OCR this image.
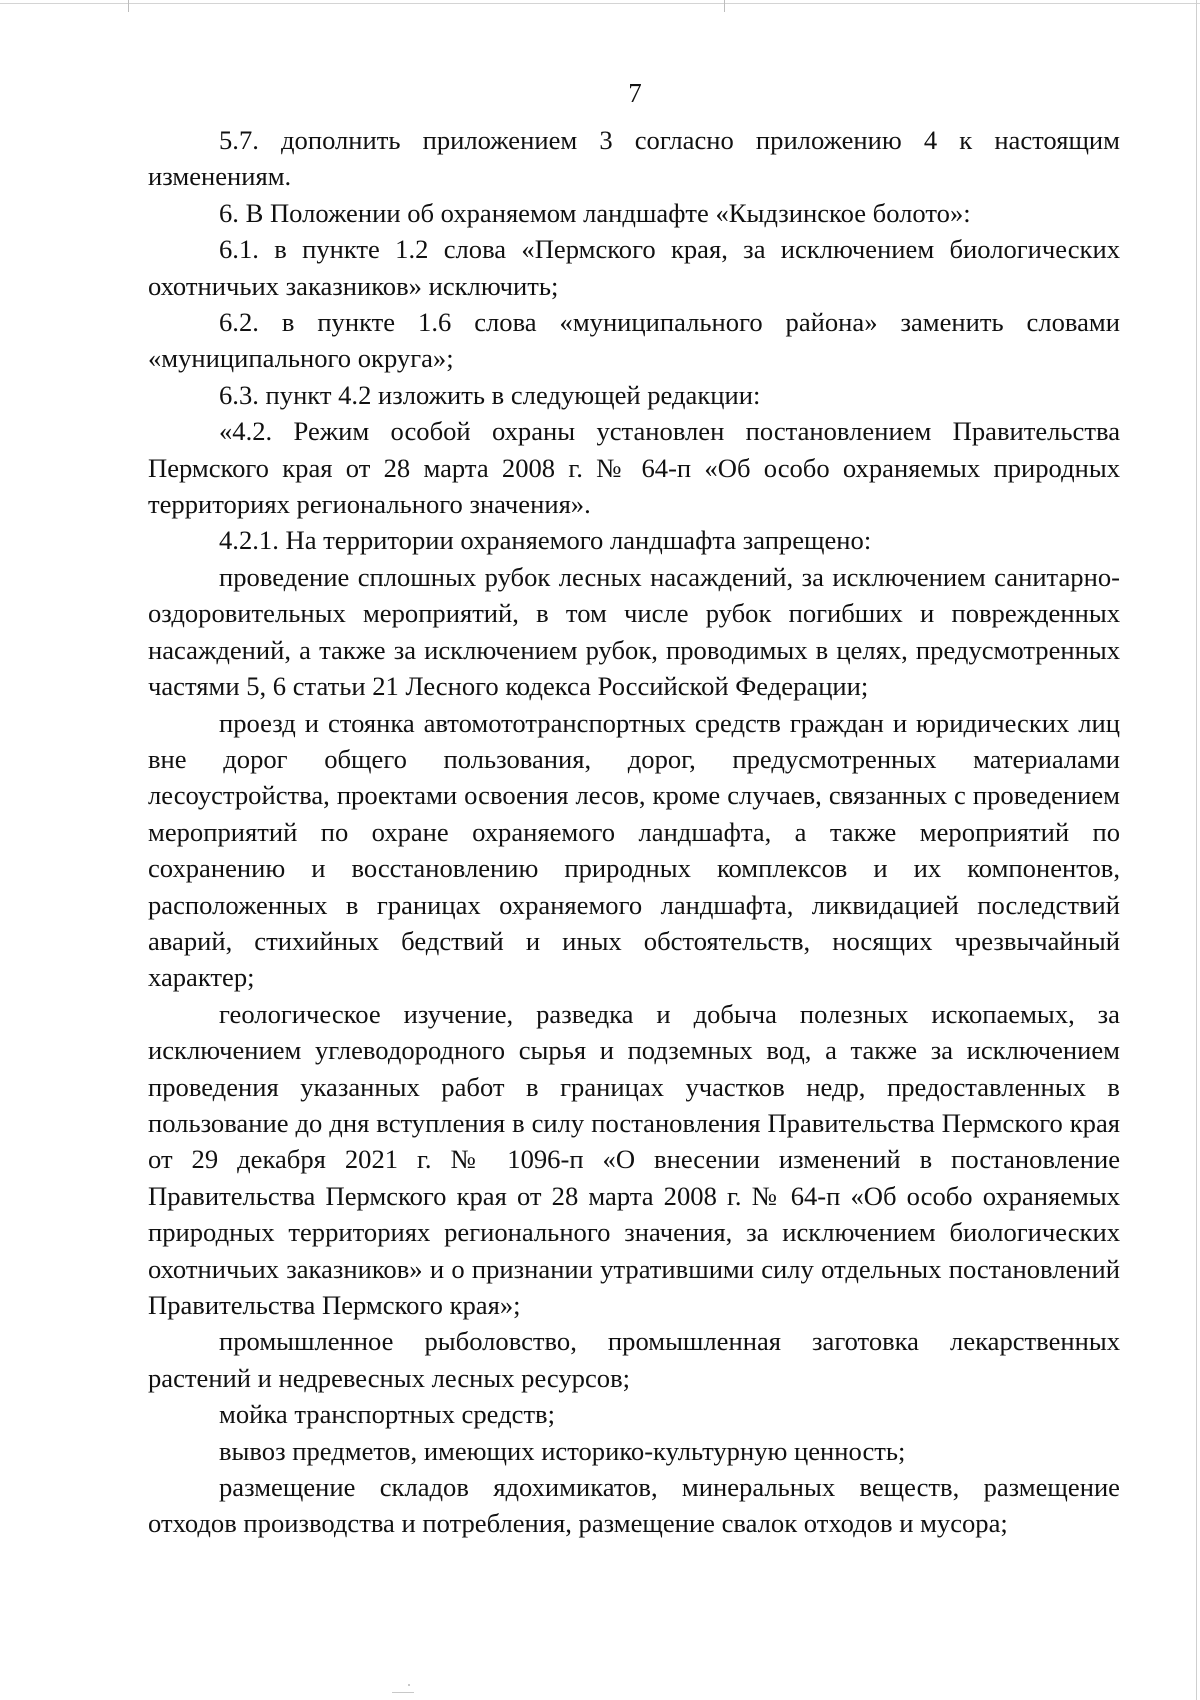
7

5.7. дополнить приложением 3 согласно приложению 4 к настоящим изменениям.

6. В Положении об охраняемом ландшафте «Кыдзинское болото»:

6.1. в пункте 1.2 слова «Пермского края, за исключением биологических охотничьих заказников» исключить;

6.2. в пункте 1.6 слова «муниципального района» заменить словами «муниципального округа»;

6.3. пункт 4.2 изложить в следующей редакции:

«4.2. Режим особой охраны установлен постановлением Правительства Пермского края от 28 марта 2008 г. № 64-п «Об особо охраняемых природных территориях регионального значения».

4.2.1. На территории охраняемого ландшафта запрещено:

проведение сплошных рубок лесных насаждений, за исключением санитарно-оздоровительных мероприятий, в том числе рубок погибших и поврежденных насаждений, а также за исключением рубок, проводимых в целях, предусмотренных частями 5, 6 статьи 21 Лесного кодекса Российской Федерации;

проезд и стоянка автомототранспортных средств граждан и юридических лиц вне дорог общего пользования, дорог, предусмотренных материалами лесоустройства, проектами освоения лесов, кроме случаев, связанных с проведением мероприятий по охране охраняемого ландшафта, а также мероприятий по сохранению и восстановлению природных комплексов и их компонентов, расположенных в границах охраняемого ландшафта, ликвидацией последствий аварий, стихийных бедствий и иных обстоятельств, носящих чрезвычайный характер;

геологическое изучение, разведка и добыча полезных ископаемых, за исключением углеводородного сырья и подземных вод, а также за исключением проведения указанных работ в границах участков недр, предоставленных в пользование до дня вступления в силу постановления Правительства Пермского края от 29 декабря 2021 г. № 1096-п «О внесении изменений в постановление Правительства Пермского края от 28 марта 2008 г. № 64-п «Об особо охраняемых природных территориях регионального значения, за исключением биологических охотничьих заказников» и о признании утратившими силу отдельных постановлений Правительства Пермского края»;

промышленное рыболовство, промышленная заготовка лекарственных растений и недревесных лесных ресурсов;

мойка транспортных средств;

вывоз предметов, имеющих историко-культурную ценность;

размещение складов ядохимикатов, минеральных веществ, размещение отходов производства и потребления, размещение свалок отходов и мусора;
